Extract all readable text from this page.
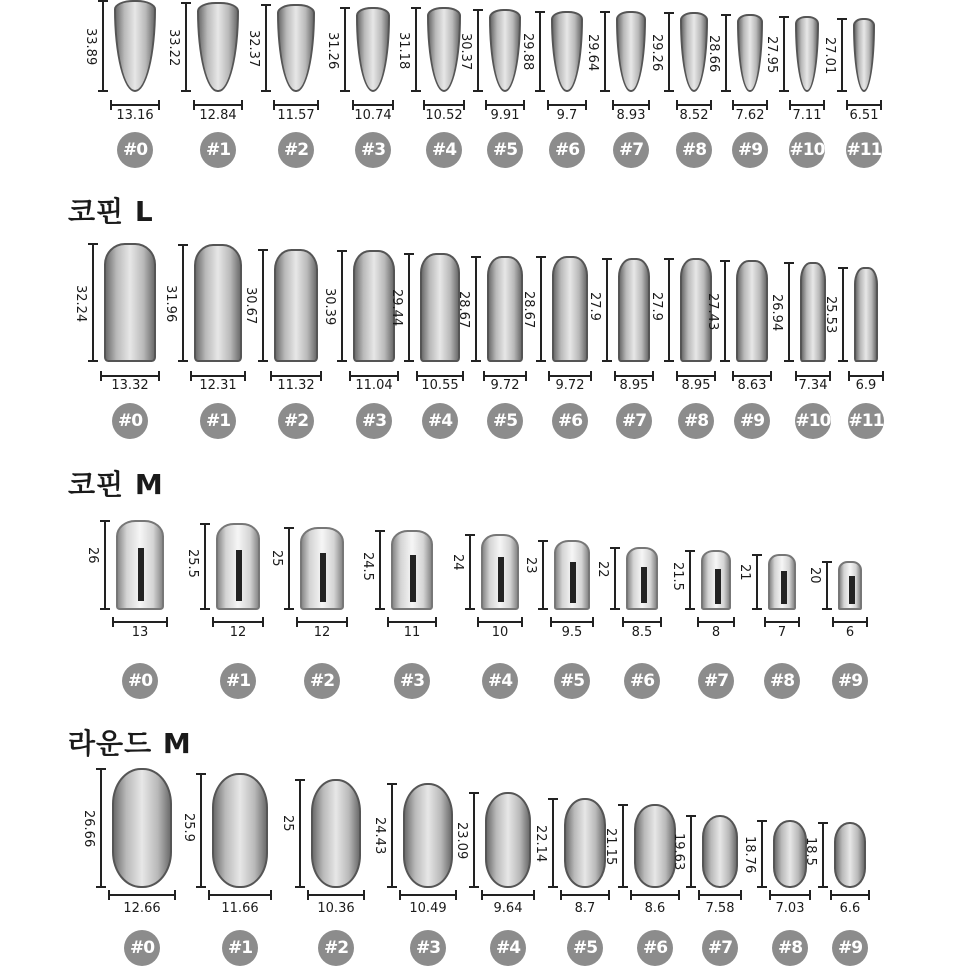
33.89
13.16
#0
33.22
12.84
#1
32.37
11.57
#2
31.26
10.74
#3
31.18
10.52
#4
30.37
9.91
#5
29.88
9.7
#6
29.64
8.93
#7
29.26
8.52
#8
28.66
7.62
#9
27.95
7.11
#10
27.01
6.51
#11
코핀 L
32.24
13.32
#0
31.96
12.31
#1
30.67
11.32
#2
30.39
11.04
#3
29.44
10.55
#4
28.67
9.72
#5
28.67
9.72
#6
27.9
8.95
#7
27.9
8.95
#8
27.43
8.63
#9
26.94
7.34
#10
25.53
6.9
#11
코핀 M
26
13
#0
25.5
12
#1
25
12
#2
24.5
11
#3
24
10
#4
23
9.5
#5
22
8.5
#6
21.5
8
#7
21
7
#8
20
6
#9
라운드 M
26.66
12.66
#0
25.9
11.66
#1
25
10.36
#2
24.43
10.49
#3
23.09
9.64
#4
22.14
8.7
#5
21.15
8.6
#6
19.63
7.58
#7
18.76
7.03
#8
18.5
6.6
#9
